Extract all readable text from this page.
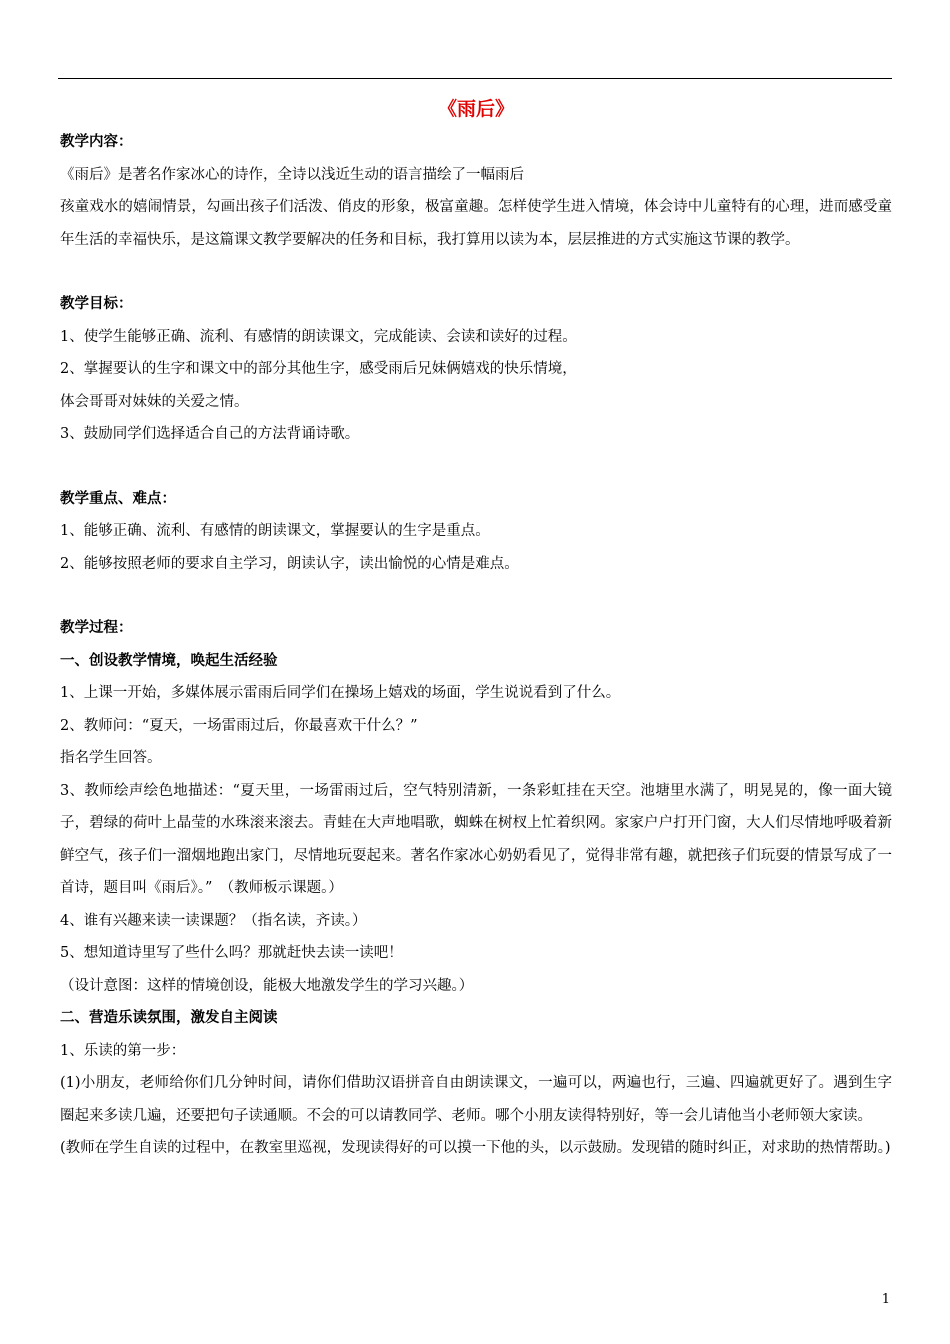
《雨后》

教学内容：

《雨后》是著名作家冰心的诗作，全诗以浅近生动的语言描绘了一幅雨后

孩童戏水的嬉闹情景，勾画出孩子们活泼、俏皮的形象，极富童趣。怎样使学生进入情境，体会诗中儿童特有的心理，进而感受童年生活的幸福快乐，是这篇课文教学要解决的任务和目标，我打算用以读为本，层层推进的方式实施这节课的教学。

教学目标：

1、使学生能够正确、流利、有感情的朗读课文，完成能读、会读和读好的过程。

2、掌握要认的生字和课文中的部分其他生字，感受雨后兄妹俩嬉戏的快乐情境，

体会哥哥对妹妹的关爱之情。

3、鼓励同学们选择适合自己的方法背诵诗歌。

教学重点、难点：

1、能够正确、流利、有感情的朗读课文，掌握要认的生字是重点。

2、能够按照老师的要求自主学习，朗读认字，读出愉悦的心情是难点。

教学过程：

一、创设教学情境，唤起生活经验

1、上课一开始，多媒体展示雷雨后同学们在操场上嬉戏的场面，学生说说看到了什么。

2、教师问：“夏天，一场雷雨过后，你最喜欢干什么？”

指名学生回答。

3、教师绘声绘色地描述：“夏天里，一场雷雨过后，空气特别清新，一条彩虹挂在天空。池塘里水满了，明晃晃的，像一面大镜子，碧绿的荷叶上晶莹的水珠滚来滚去。青蛙在大声地唱歌，蜘蛛在树杈上忙着织网。家家户户打开门窗，大人们尽情地呼吸着新鲜空气，孩子们一溜烟地跑出家门，尽情地玩耍起来。著名作家冰心奶奶看见了，觉得非常有趣，就把孩子们玩耍的情景写成了一首诗，题目叫《雨后》。”　（教师板示课题。）

4、谁有兴趣来读一读课题？（指名读，齐读。）

5、想知道诗里写了些什么吗？那就赶快去读一读吧！

（设计意图：这样的情境创设，能极大地激发学生的学习兴趣。）

二、营造乐读氛围，激发自主阅读

1、乐读的第一步：

(1)小朋友，老师给你们几分钟时间，请你们借助汉语拼音自由朗读课文，一遍可以，两遍也行，三遍、四遍就更好了。遇到生字圈起来多读几遍，还要把句子读通顺。不会的可以请教同学、老师。哪个小朋友读得特别好，等一会儿请他当小老师领大家读。

(教师在学生自读的过程中，在教室里巡视，发现读得好的可以摸一下他的头，以示鼓励。发现错的随时纠正，对求助的热情帮助。)

1
